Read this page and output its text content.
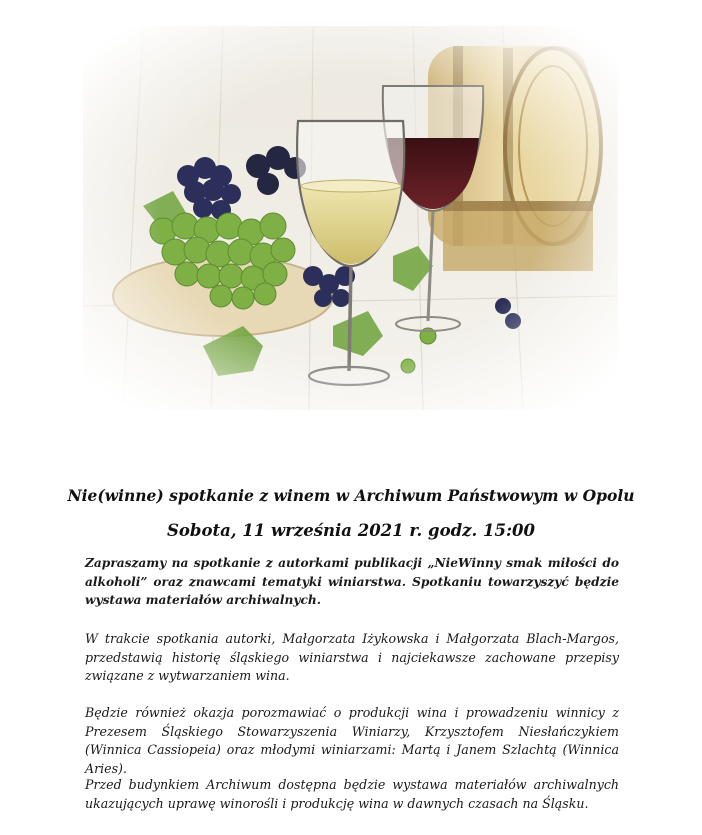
Nie(winne) spotkanie z winem w Archiwum Państwowym w Opolu
Sobota, 11 września 2021 r. godz. 15:00

Zapraszamy na spotkanie z autorkami publikacji „NieWinny smak miłości do alkoholi” oraz znawcami tematyki winiarstwa. Spotkaniu towarzyszyć będzie wystawa materiałów archiwalnych.

W trakcie spotkania autorki, Małgorzata Iżykowska i Małgorzata Blach-Margos, przedstawią historię śląskiego winiarstwa i najciekawsze zachowane przepisy związane z wytwarzaniem wina.

Będzie również okazja porozmawiać o produkcji wina i prowadzeniu winnicy z Prezesem Śląskiego Stowarzyszenia Winiarzy, Krzysztofem Niesłańczykiem (Winnica Cassiopeia) oraz młodymi winiarzami: Martą i Janem Szlachtą (Winnica Aries).

Przed budynkiem Archiwum dostępna będzie wystawa materiałów archiwalnych ukazujących uprawę winorośli i produkcję wina w dawnych czasach na Śląsku.
